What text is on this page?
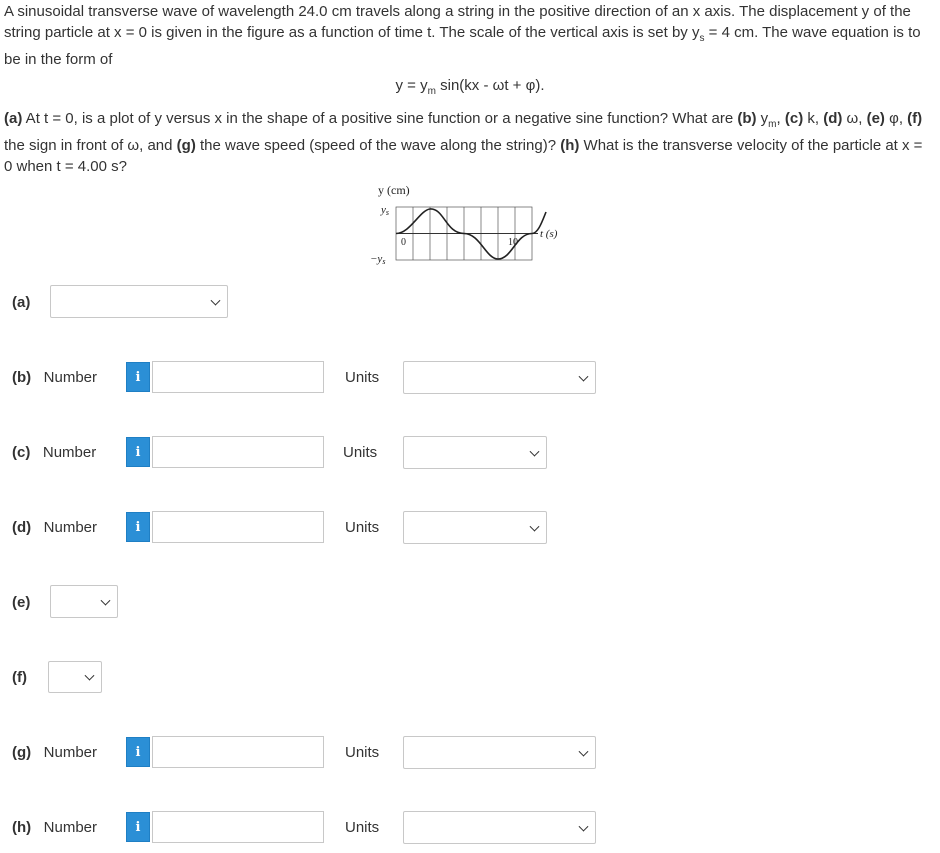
A sinusoidal transverse wave of wavelength 24.0 cm travels along a string in the positive direction of an x axis. The displacement y of the string particle at x = 0 is given in the figure as a function of time t. The scale of the vertical axis is set by $y_s = 4$ cm. The wave equation is to be in the form of
$y = y_m$ sin(kx - ωt + φ).
(a) At t = 0, is a plot of y versus x in the shape of a positive sine function or a negative sine function? What are (b) $y_m$, (c) k, (d) ω, (e) φ, (f) the sign in front of ω, and (g) the wave speed (speed of the wave along the string)? (h) What is the transverse velocity of the particle at x = 0 when t = 4.00 s?
y (cm)
ys
−ys
0	10
t (s)
(a)
(b) Number	i	Units
(c) Number	i	Units
(d) Number	i	Units
(e)
(f)
(g) Number	i	Units
(h) Number	i	Units
